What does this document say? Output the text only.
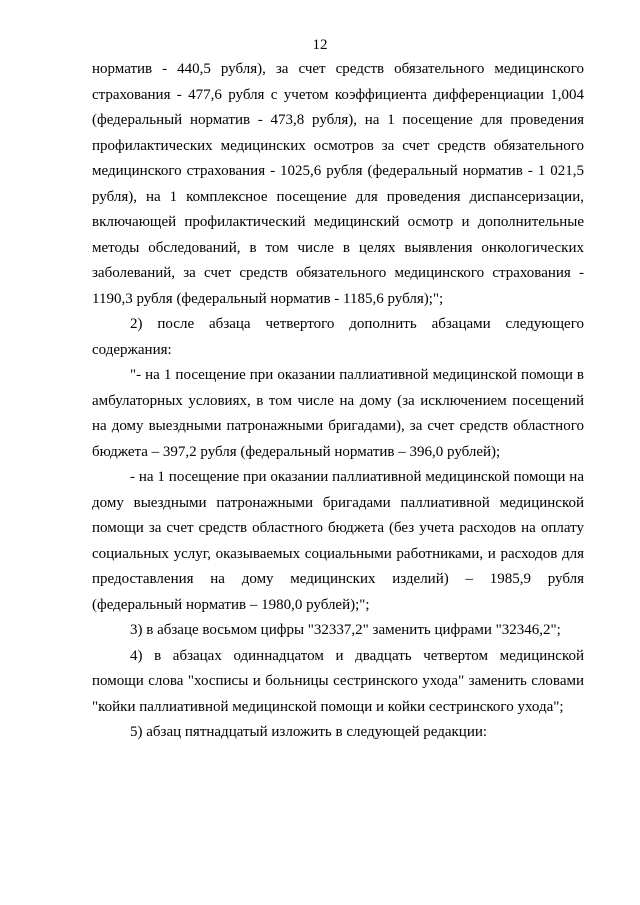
12

норматив - 440,5 рубля), за счет средств обязательного медицинского страхования - 477,6 рубля с учетом коэффициента дифференциации 1,004 (федеральный норматив - 473,8 рубля), на 1 посещение для проведения профилактических медицинских осмотров за счет средств обязательного медицинского страхования - 1025,6 рубля (федеральный норматив - 1 021,5 рубля), на 1 комплексное посещение для проведения диспансеризации, включающей профилактический медицинский осмотр и дополнительные методы обследований, в том числе в целях выявления онкологических заболеваний, за счет средств обязательного медицинского страхования - 1190,3 рубля (федеральный норматив - 1185,6 рубля);";

2) после абзаца четвертого дополнить абзацами следующего содержания:

"- на 1 посещение при оказании паллиативной медицинской помощи в амбулаторных условиях, в том числе на дому (за исключением посещений на дому выездными патронажными бригадами), за счет средств областного бюджета – 397,2 рубля (федеральный норматив – 396,0 рублей);

- на 1 посещение при оказании паллиативной медицинской помощи на дому выездными патронажными бригадами паллиативной медицинской помощи за счет средств областного бюджета (без учета расходов на оплату социальных услуг, оказываемых социальными работниками, и расходов для предоставления на дому медицинских изделий) – 1985,9 рубля (федеральный норматив – 1980,0 рублей);";

3) в абзаце восьмом цифры "32337,2" заменить цифрами "32346,2";

4) в абзацах одиннадцатом и двадцать четвертом медицинской помощи слова "хосписы и больницы сестринского ухода" заменить словами "койки паллиативной медицинской помощи и койки сестринского ухода";

5) абзац пятнадцатый изложить в следующей редакции:
